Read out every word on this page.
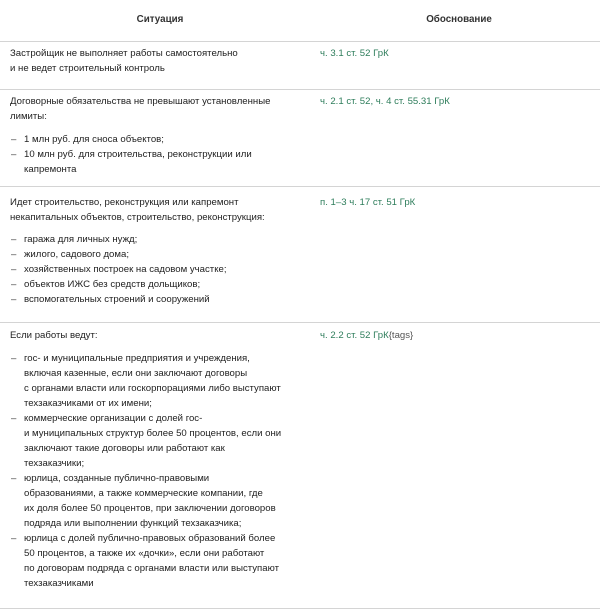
Ситуация	Обоснование

Застройщик не выполняет работы самостоятельно
и не ведет строительный контроль

ч. 3.1 ст. 52 ГрК

Договорные обязательства не превышают установленные
лимиты:

– 1 млн руб. для сноса объектов;
– 10 млн руб. для строительства, реконструкции или
капремонта
ч. 2.1 ст. 52, ч. 4 ст. 55.31 ГрК

Идет строительство, реконструкция или капремонт
некапитальных объектов, строительство, реконструкция:

– гаража для личных нужд;
– жилого, садового дома;
– хозяйственных построек на садовом участке;
– объектов ИЖС без средств дольщиков;
– вспомогательных строений и сооружений
п. 1–3 ч. 17 ст. 51 ГрК

Если работы ведут:

– гос- и муниципальные предприятия и учреждения,
включая казенные, если они заключают договоры
с органами власти или госкорпорациями либо выступают
техзаказчиками от их имени;
– коммерческие организации с долей гос-
и муниципальных структур более 50 процентов, если они
заключают такие договоры или работают как
техзаказчики;
– юрлица, созданные публично-правовыми
образованиями, а также коммерческие компании, где
их доля более 50 процентов, при заключении договоров
подряда или выполнении функций техзаказчика;
– юрлица с долей публично-правовых образований более
50 процентов, а также их «дочки», если они работают
по договорам подряда с органами власти или выступают
техзаказчиками
ч. 2.2 ст. 52 ГрК{tags}
